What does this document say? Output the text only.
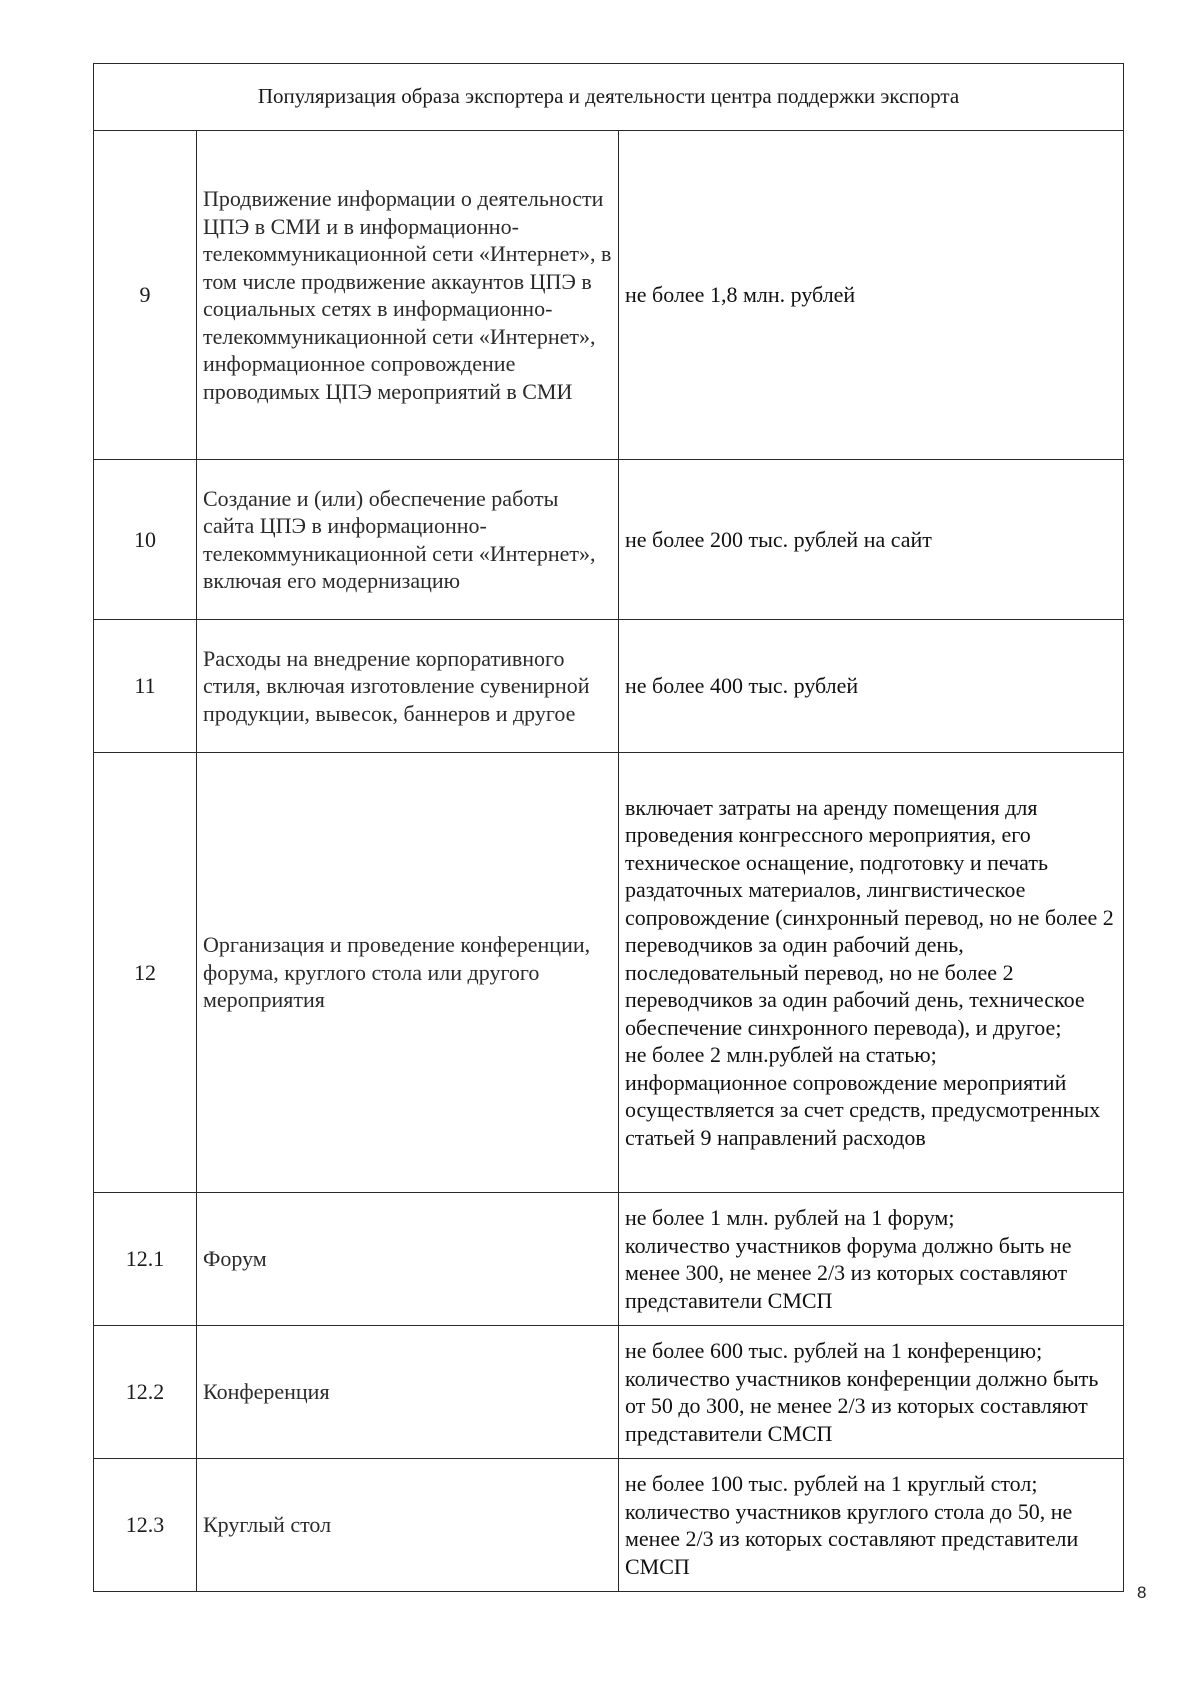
Популяризация образа экспортера и деятельности центра поддержки экспорта		
9	Продвижение информации о деятельности ЦПЭ в СМИ и в информационно-телекоммуникационной сети «Интернет», в том числе продвижение аккаунтов ЦПЭ в социальных сетях в информационно-телекоммуникационной сети «Интернет», информационное сопровождение проводимых ЦПЭ мероприятий в СМИ	не более 1,8 млн. рублей
10	Создание и (или) обеспечение работы сайта ЦПЭ в информационно-телекоммуникационной сети «Интернет», включая его модернизацию	не более 200 тыс. рублей на сайт
11	Расходы на внедрение корпоративного стиля, включая изготовление сувенирной продукции, вывесок, баннеров и другое	не более 400 тыс. рублей
12	Организация и проведение конференции, форума, круглого стола или другого мероприятия	включает затраты на аренду помещения для проведения конгрессного мероприятия, его техническое оснащение, подготовку и печать раздаточных материалов, лингвистическое сопровождение (синхронный перевод, но не более 2 переводчиков за один рабочий день, последовательный перевод, но не более 2 переводчиков за один рабочий день, техническое обеспечение синхронного перевода), и другое;
не более 2 млн.рублей на статью;
информационное сопровождение мероприятий осуществляется за счет средств, предусмотренных статьей 9 направлений расходов
12.1	Форум	не более 1 млн. рублей на 1 форум;
количество участников форума должно быть не менее 300, не менее 2/3 из которых составляют представители СМСП
12.2	Конференция	не более 600 тыс. рублей на 1 конференцию;
количество участников конференции должно быть от 50 до 300, не менее 2/3 из которых составляют представители СМСП
12.3	Круглый стол	не более 100 тыс. рублей на 1 круглый стол;
количество участников круглого стола до 50, не менее 2/3 из которых составляют представители СМСП
8
